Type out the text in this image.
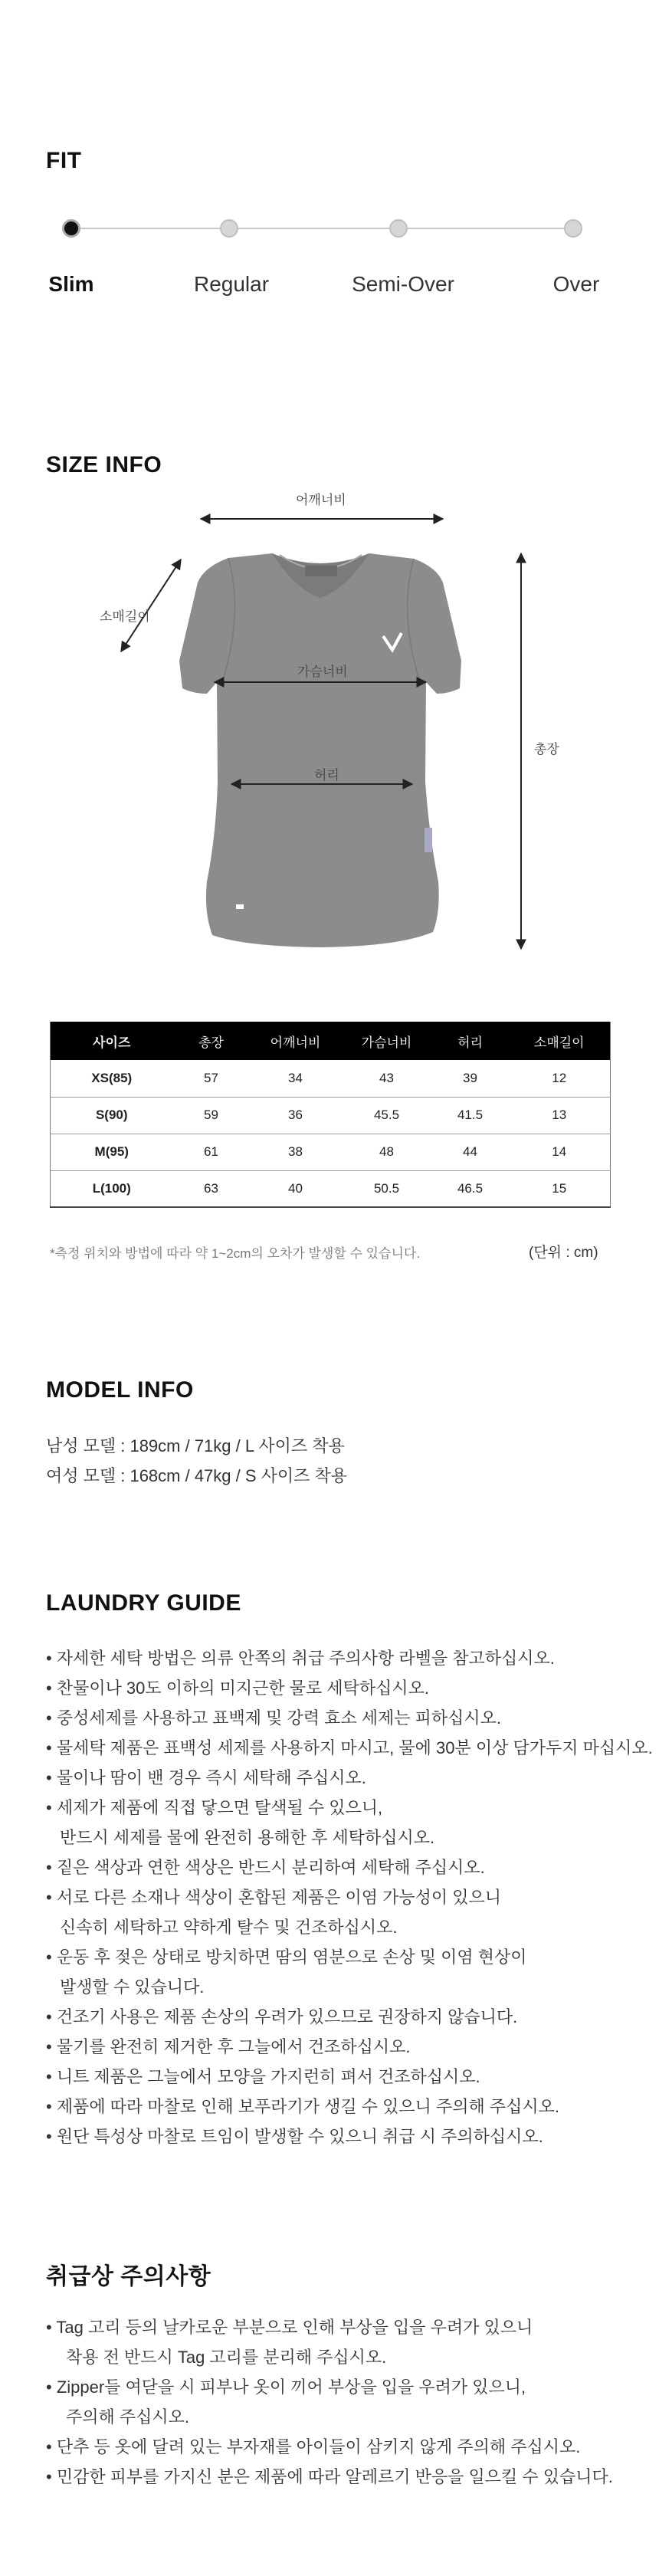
FIT
Slim	Regular	Semi-Over	Over
SIZE INFO
어깨너비
소매길이
가슴너비
허리
총장
사이즈	총장	어깨너비	가슴너비	허리	소매길이
XS(85)	57	34	43	39	12
S(90)	59	36	45.5	41.5	13
M(95)	61	38	48	44	14
L(100)	63	40	50.5	46.5	15
*측정 위치와 방법에 따라 약 1~2cm의 오차가 발생할 수 있습니다.	(단위 : cm)
MODEL INFO
남성 모델 : 189cm / 71kg / L 사이즈 착용
여성 모델 : 168cm / 47kg / S 사이즈 착용
LAUNDRY GUIDE
• 자세한 세탁 방법은 의류 안쪽의 취급 주의사항 라벨을 참고하십시오.
• 찬물이나 30도 이하의 미지근한 물로 세탁하십시오.
• 중성세제를 사용하고 표백제 및 강력 효소 세제는 피하십시오.
• 물세탁 제품은 표백성 세제를 사용하지 마시고, 물에 30분 이상 담가두지 마십시오.
• 물이나 땀이 밴 경우 즉시 세탁해 주십시오.
• 세제가 제품에 직접 닿으면 탈색될 수 있으니,
반드시 세제를 물에 완전히 용해한 후 세탁하십시오.
• 짙은 색상과 연한 색상은 반드시 분리하여 세탁해 주십시오.
• 서로 다른 소재나 색상이 혼합된 제품은 이염 가능성이 있으니
신속히 세탁하고 약하게 탈수 및 건조하십시오.
• 운동 후 젖은 상태로 방치하면 땀의 염분으로 손상 및 이염 현상이
발생할 수 있습니다.
• 건조기 사용은 제품 손상의 우려가 있으므로 권장하지 않습니다.
• 물기를 완전히 제거한 후 그늘에서 건조하십시오.
• 니트 제품은 그늘에서 모양을 가지런히 펴서 건조하십시오.
• 제품에 따라 마찰로 인해 보푸라기가 생길 수 있으니 주의해 주십시오.
• 원단 특성상 마찰로 트임이 발생할 수 있으니 취급 시 주의하십시오.
취급상 주의사항
• Tag 고리 등의 날카로운 부분으로 인해 부상을 입을 우려가 있으니
착용 전 반드시 Tag 고리를 분리해 주십시오.
• Zipper들 여닫을 시 피부나 옷이 끼어 부상을 입을 우려가 있으니,
주의해 주십시오.
• 단추 등 옷에 달려 있는 부자재를 아이들이 삼키지 않게 주의해 주십시오.
• 민감한 피부를 가지신 분은 제품에 따라 알레르기 반응을 일으킬 수 있습니다.
